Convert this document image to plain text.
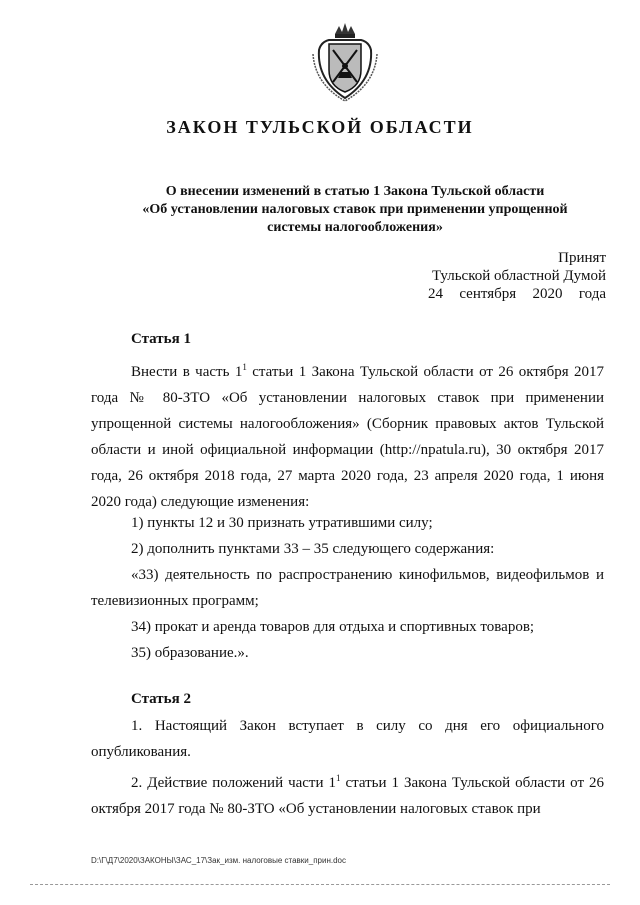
ЗАКОН ТУЛЬСКОЙ ОБЛАСТИ
О внесении изменений в статью 1 Закона Тульской области
«Об установлении налоговых ставок при применении упрощенной
системы налогообложения»
Принят
Тульской областной Думой
24 сентября 2020 года
Статья 1

Внести в часть $1^1$ статьи 1 Закона Тульской области от 26 октября 2017 года № 80-ЗТО «Об установлении налоговых ставок при применении упрощенной системы налогообложения» (Сборник правовых актов Тульской области и иной официальной информации (http://npatula.ru), 30 октября 2017 года, 26 октября 2018 года, 27 марта 2020 года, 23 апреля 2020 года, 1 июня 2020 года) следующие изменения:

1) пункты 12 и 30 признать утратившими силу;

2) дополнить пунктами 33 – 35 следующего содержания:

«33) деятельность по распространению кинофильмов, видеофильмов и телевизионных программ;

34) прокат и аренда товаров для отдыха и спортивных товаров;

35) образование.».

Статья 2

1. Настоящий Закон вступает в силу со дня его официального опубликования.

2. Действие положений части $1^1$ статьи 1 Закона Тульской области от 26 октября 2017 года № 80-ЗТО «Об установлении налоговых ставок при

D:\Г\Д7\2020\ЗАКОНЫ\ЗАС_17\Зак_изм. налоговые ставки_прин.doc
